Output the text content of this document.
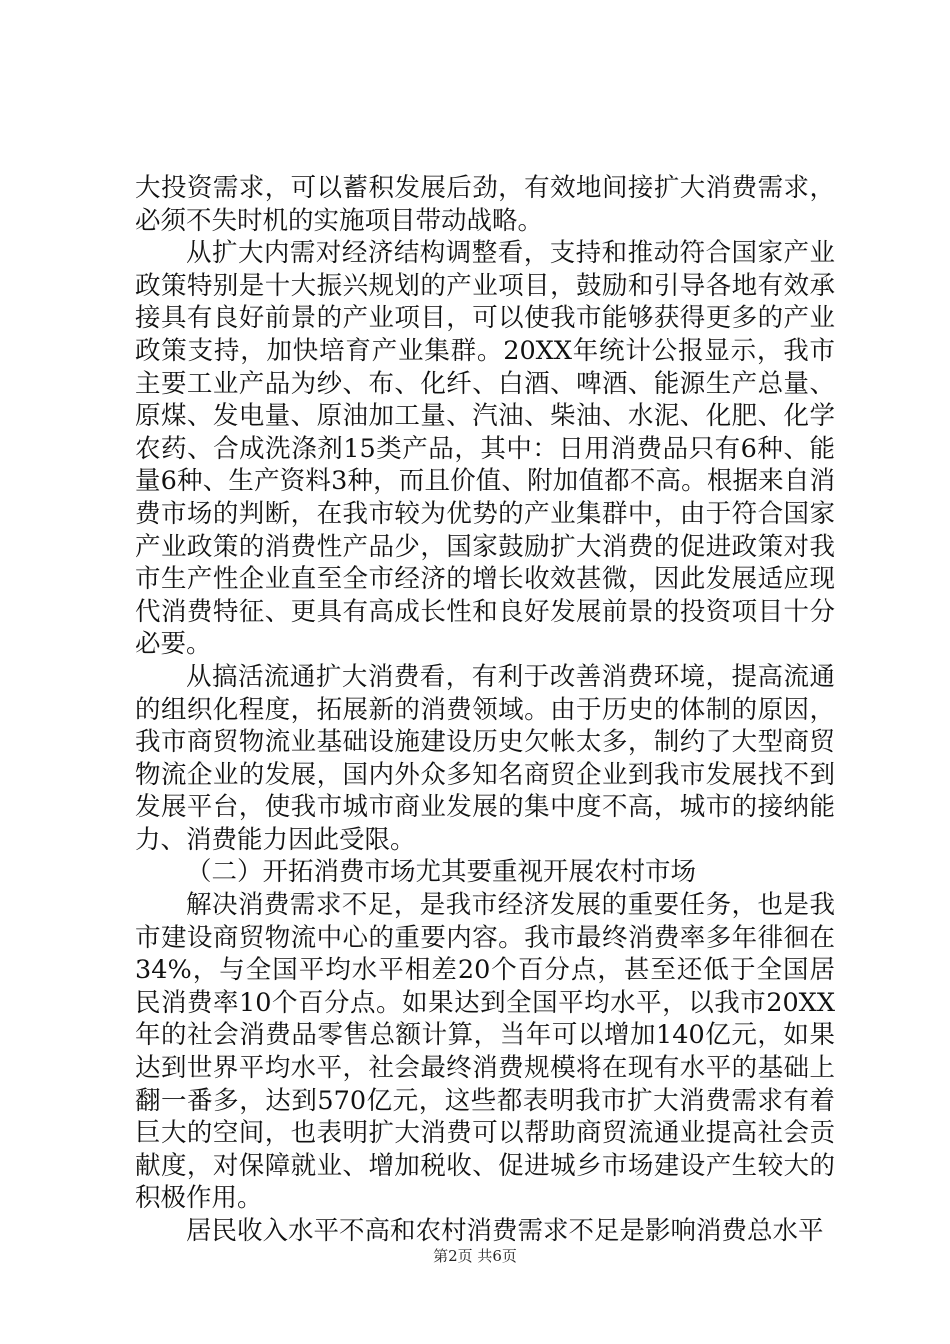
大投资需求，可以蓄积发展后劲，有效地间接扩大消费需求，必须不失时机的实施项目带动战略。

从扩大内需对经济结构调整看，支持和推动符合国家产业政策特别是十大振兴规划的产业项目，鼓励和引导各地有效承接具有良好前景的产业项目，可以使我市能够获得更多的产业政策支持，加快培育产业集群。20XX年统计公报显示，我市主要工业产品为纱、布、化纤、白酒、啤酒、能源生产总量、原煤、发电量、原油加工量、汽油、柴油、水泥、化肥、化学农药、合成洗涤剂15类产品，其中：日用消费品只有6种、能量6种、生产资料3种，而且价值、附加值都不高。根据来自消费市场的判断，在我市较为优势的产业集群中，由于符合国家产业政策的消费性产品少，国家鼓励扩大消费的促进政策对我市生产性企业直至全市经济的增长收效甚微，因此发展适应现代消费特征、更具有高成长性和良好发展前景的投资项目十分必要。

从搞活流通扩大消费看，有利于改善消费环境，提高流通的组织化程度，拓展新的消费领域。由于历史的体制的原因，我市商贸物流业基础设施建设历史欠帐太多，制约了大型商贸物流企业的发展，国内外众多知名商贸企业到我市发展找不到发展平台，使我市城市商业发展的集中度不高，城市的接纳能力、消费能力因此受限。

（二）开拓消费市场尤其要重视开展农村市场

解决消费需求不足，是我市经济发展的重要任务，也是我市建设商贸物流中心的重要内容。我市最终消费率多年徘徊在34%，与全国平均水平相差20个百分点，甚至还低于全国居民消费率10个百分点。如果达到全国平均水平，以我市20XX年的社会消费品零售总额计算，当年可以增加140亿元，如果达到世界平均水平，社会最终消费规模将在现有水平的基础上翻一番多，达到570亿元，这些都表明我市扩大消费需求有着巨大的空间，也表明扩大消费可以帮助商贸流通业提高社会贡献度，对保障就业、增加税收、促进城乡市场建设产生较大的积极作用。

居民收入水平不高和农村消费需求不足是影响消费总水平

第2页 共6页
